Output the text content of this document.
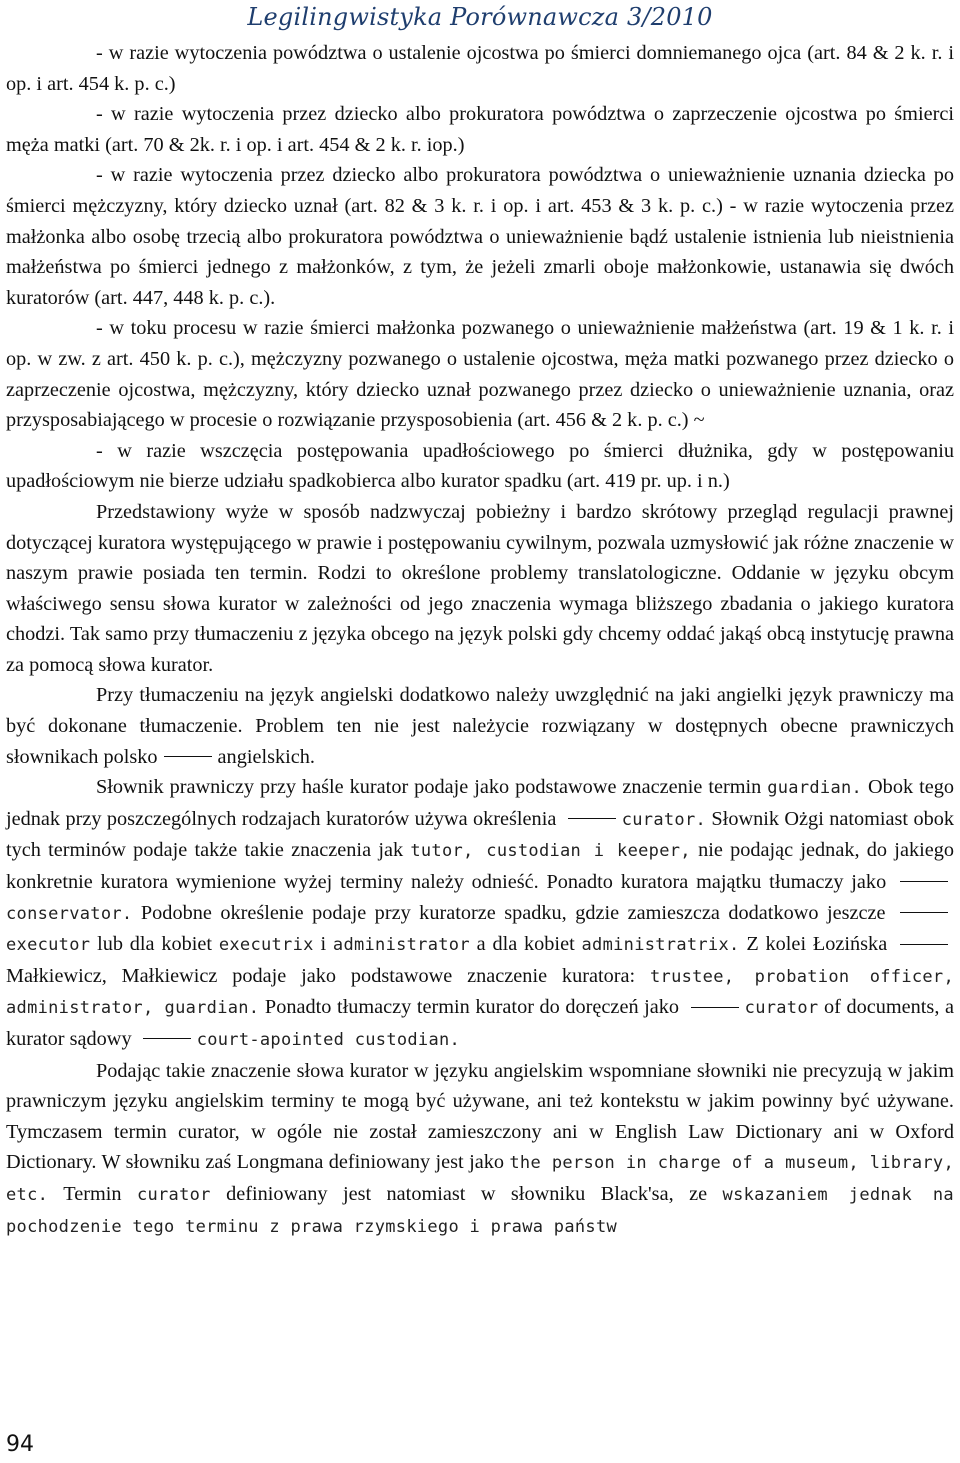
Legilingwistyka Porównawcza 3/2010

- w razie wytoczenia powództwa o ustalenie ojcostwa po śmierci domniemanego ojca (art. 84 & 2 k. r. i op. i art. 454 k. p. c.)

- w razie wytoczenia przez dziecko albo prokuratora powództwa o zaprzeczenie ojcostwa po śmierci męża matki (art. 70 & 2k. r. i op. i art. 454 & 2 k. r. iop.)

- w razie wytoczenia przez dziecko albo prokuratora powództwa o unieważnienie uznania dziecka po śmierci mężczyzny, który dziecko uznał (art. 82 & 3 k. r. i op. i art. 453 & 3 k. p. c.) - w razie wytoczenia przez małżonka albo osobę trzecią albo prokuratora powództwa o unieważnienie bądź ustalenie istnienia lub nieistnienia małżeństwa po śmierci jednego z małżonków, z tym, że jeżeli zmarli oboje małżonkowie, ustanawia się dwóch kuratorów (art. 447, 448 k. p. c.).

- w toku procesu w razie śmierci małżonka pozwanego o unieważnienie małżeństwa (art. 19 & 1 k. r. i op. w zw. z art. 450 k. p. c.), mężczyzny pozwanego o ustalenie ojcostwa, męża matki pozwanego przez dziecko o zaprzeczenie ojcostwa, mężczyzny, który dziecko uznał pozwanego przez dziecko o unieważnienie uznania, oraz przysposabiającego w procesie o rozwiązanie przysposobienia (art. 456 & 2 k. p. c.) ~

- w razie wszczęcia postępowania upadłościowego po śmierci dłużnika, gdy w postępowaniu upadłościowym nie bierze udziału spadkobierca albo kurator spadku (art. 419 pr. up. i n.)

Przedstawiony wyże w sposób nadzwyczaj pobieżny i bardzo skrótowy przegląd regulacji prawnej dotyczącej kuratora występującego w prawie i postępowaniu cywilnym, pozwala uzmysłowić jak różne znaczenie w naszym prawie posiada ten termin. Rodzi to określone problemy translatologiczne. Oddanie w języku obcym właściwego sensu słowa kurator w zależności od jego znaczenia wymaga bliższego zbadania o jakiego kuratora chodzi. Tak samo przy tłumaczeniu z języka obcego na język polski gdy chcemy oddać jakąś obcą instytucję prawna za pomocą słowa kurator.

Przy tłumaczeniu na język angielski dodatkowo należy uwzględnić na jaki angielki język prawniczy ma być dokonane tłumaczenie. Problem ten nie jest należycie rozwiązany w dostępnych obecne prawniczych słownikach polsko	angielskich.

Słownik prawniczy przy haśle kurator podaje jako podstawowe znaczenie termin guardian. Obok tego jednak przy poszczególnych rodzajach kuratorów używa określenia	curator. Słownik Ożgi natomiast obok tych terminów podaje także takie znaczenia jak tutor, custodian i keeper, nie podając jednak, do jakiego konkretnie kuratora wymienione wyżej terminy należy odnieść. Ponadto kuratora majątku tłumaczy jako conservator. Podobne określenie podaje przy kuratorze spadku, gdzie zamieszcza dodatkowo jeszcze executor lub dla kobiet executrix i administrator a dla kobiet administratrix. Z kolei Łozińska Małkiewicz, Małkiewicz podaje jako podstawowe znaczenie kuratora: trustee, probation officer, administrator, guardian. Ponadto tłumaczy termin kurator do doręczeń jako	curator of documents, a kurator sądowy	court-apointed custodian.

Podając takie znaczenie słowa kurator w języku angielskim wspomniane słowniki nie precyzują w jakim prawniczym języku angielskim terminy te mogą być używane, ani też kontekstu w jakim powinny być używane. Tymczasem termin curator, w ogóle nie został zamieszczony ani w English Law Dictionary ani w Oxford Dictionary. W słowniku zaś Longmana definiowany jest jako the person in charge of a museum, library, etc. Termin curator definiowany jest natomiast w słowniku Black'sa, ze wskazaniem jednak na pochodzenie tego terminu z prawa rzymskiego i prawa państw

94
